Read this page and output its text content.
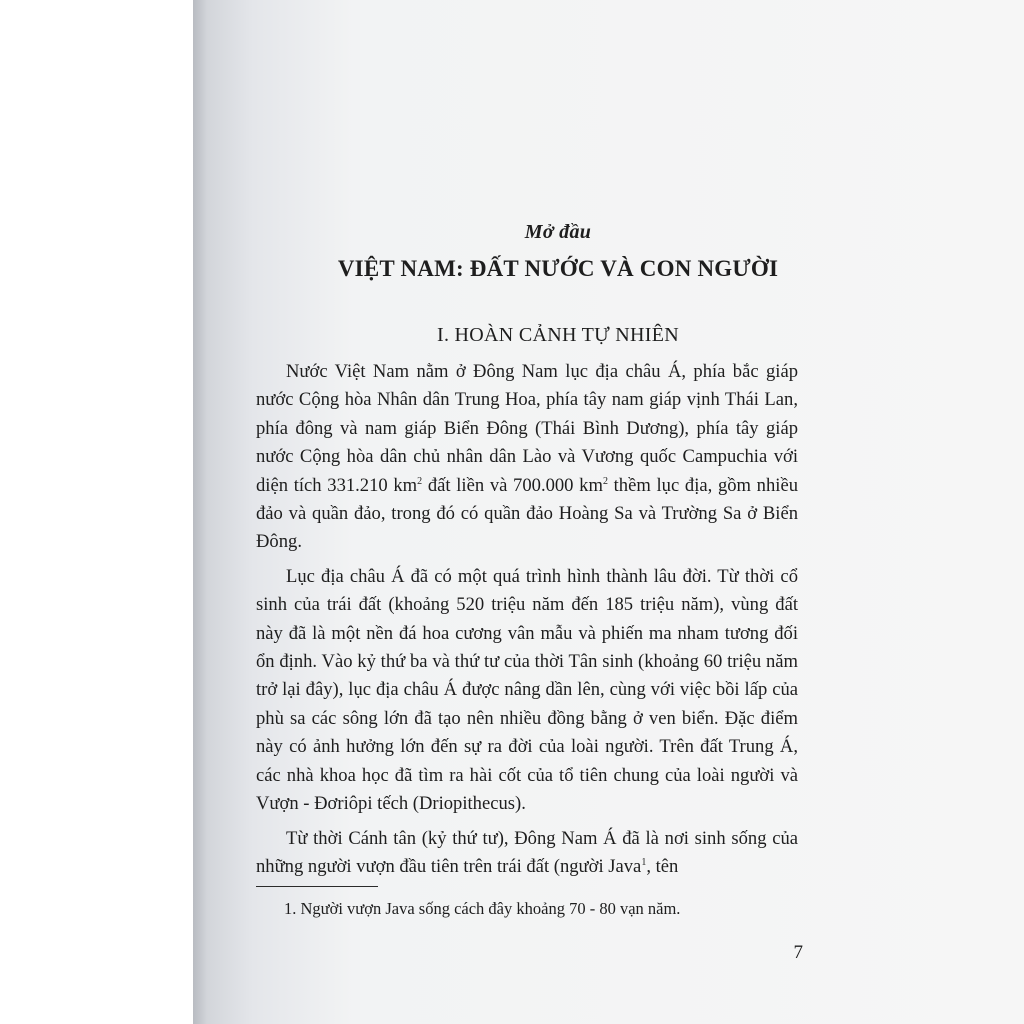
Mở đầu
VIỆT NAM: ĐẤT NƯỚC VÀ CON NGƯỜI
I. HOÀN CẢNH TỰ NHIÊN

Nước Việt Nam nằm ở Đông Nam lục địa châu Á, phía bắc giáp nước Cộng hòa Nhân dân Trung Hoa, phía tây nam giáp vịnh Thái Lan, phía đông và nam giáp Biển Đông (Thái Bình Dương), phía tây giáp nước Cộng hòa dân chủ nhân dân Lào và Vương quốc Campuchia với diện tích 331.210 $km^2$ đất liền và 700.000 $km^2$ thềm lục địa, gồm nhiều đảo và quần đảo, trong đó có quần đảo Hoàng Sa và Trường Sa ở Biển Đông.

Lục địa châu Á đã có một quá trình hình thành lâu đời. Từ thời cổ sinh của trái đất (khoảng 520 triệu năm đến 185 triệu năm), vùng đất này đã là một nền đá hoa cương vân mẫu và phiến ma nham tương đối ổn định. Vào kỷ thứ ba và thứ tư của thời Tân sinh (khoảng 60 triệu năm trở lại đây), lục địa châu Á được nâng dần lên, cùng với việc bồi lấp của phù sa các sông lớn đã tạo nên nhiều đồng bằng ở ven biển. Đặc điểm này có ảnh hưởng lớn đến sự ra đời của loài người. Trên đất Trung Á, các nhà khoa học đã tìm ra hài cốt của tổ tiên chung của loài người và Vượn - Đơriôpi tếch (Driopithecus).

Từ thời Cánh tân (kỷ thứ tư), Đông Nam Á đã là nơi sinh sống của những người vượn đầu tiên trên trái đất (người Java$^1$, tên

1. Người vượn Java sống cách đây khoảng 70 - 80 vạn năm.
7
